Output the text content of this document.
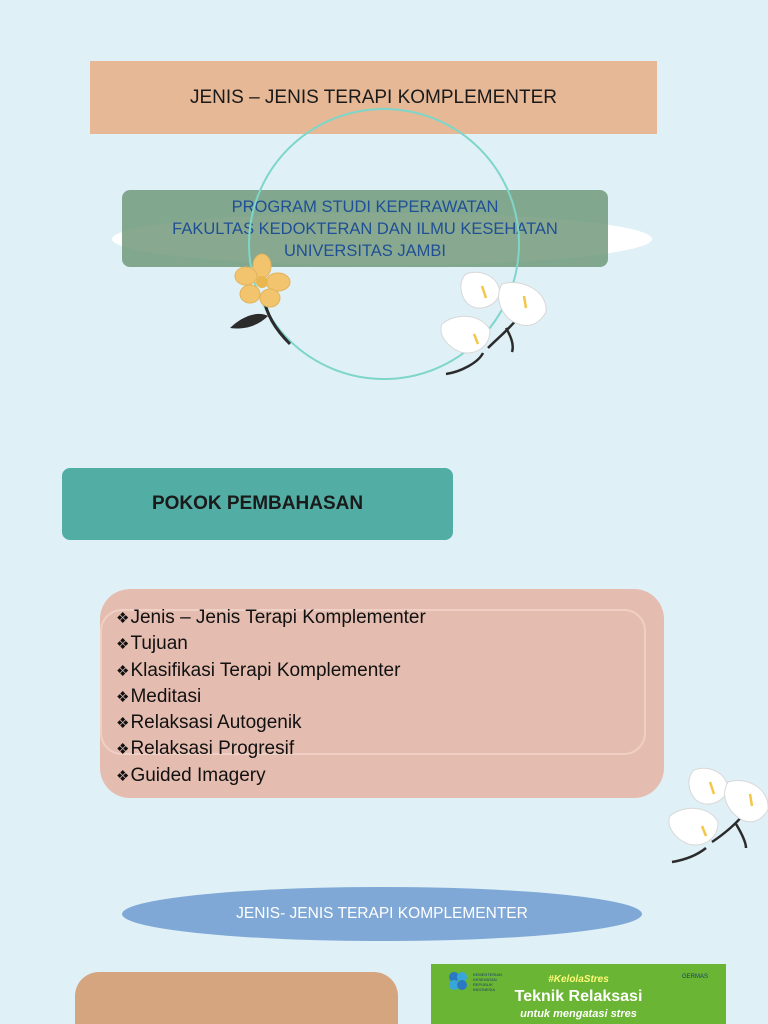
JENIS – JENIS TERAPI KOMPLEMENTER
PROGRAM STUDI KEPERAWATAN
FAKULTAS KEDOKTERAN DAN ILMU KESEHATAN
UNIVERSITAS JAMBI
POKOK PEMBAHASAN
❖ Jenis – Jenis Terapi Komplementer
❖ Tujuan
❖ Klasifikasi Terapi Komplementer
❖ Meditasi
❖ Relaksasi Autogenik
❖ Relaksasi Progresif
❖ Guided Imagery
JENIS- JENIS TERAPI KOMPLEMENTER
KEMENTERIAN KESEHATAN REPUBLIK INDONESIA
#KelolaStres
Teknik Relaksasi
untuk mengatasi stres
GERMAS
